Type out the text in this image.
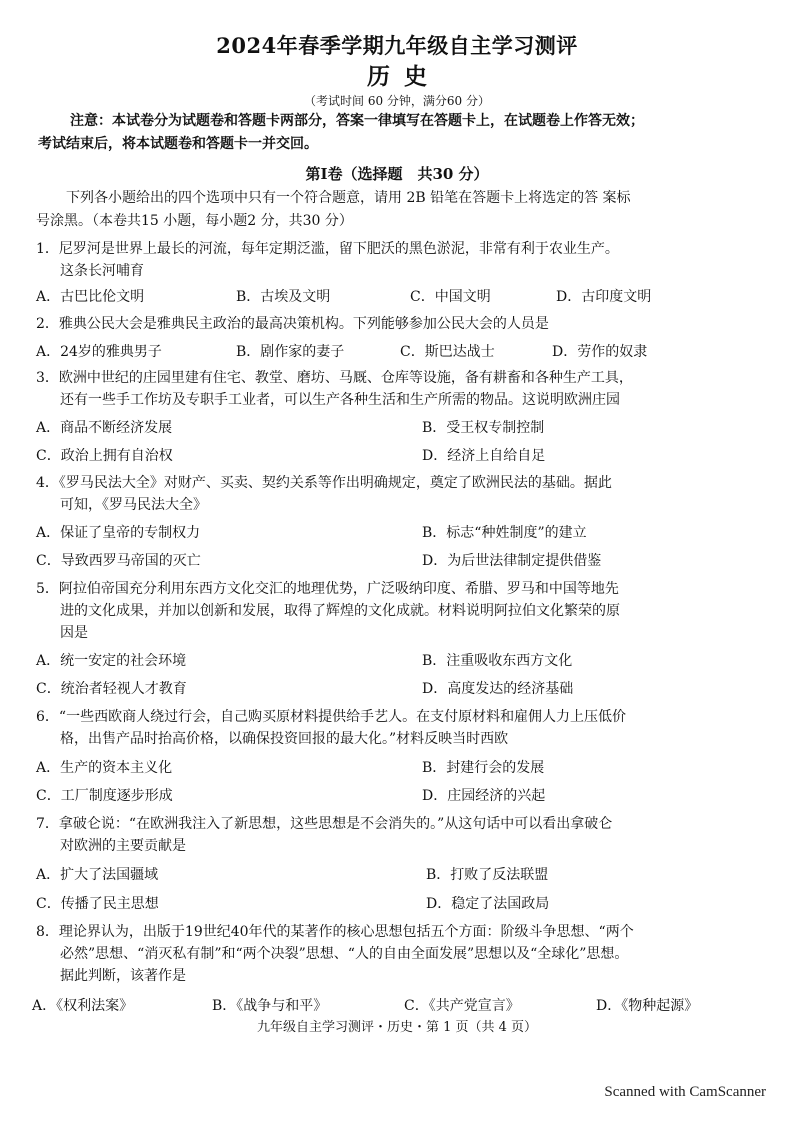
2024年春季学期九年级自主学习测评
历史
（考试时间 60 分钟，满分60 分）
注意：本试卷分为试题卷和答题卡两部分，答案一律填写在答题卡上，在试题卷上作答无效；
考试结束后，将本试题卷和答题卡一并交回。
第Ⅰ卷（选择题　共30 分）
下列各小题给出的四个选项中只有一个符合题意，请用 2B 铅笔在答题卡上将选定的答 案标
号涂黑。（本卷共15 小题，每小题2 分，共30 分）
1．尼罗河是世界上最长的河流，每年定期泛滥，留下肥沃的黑色淤泥，非常有利于农业生产。
这条长河哺育
A．古巴比伦文明	B．古埃及文明	C．中国文明	D．古印度文明
2．雅典公民大会是雅典民主政治的最高决策机构。下列能够参加公民大会的人员是
A．24岁的雅典男子	B．剧作家的妻子	C．斯巴达战士	D．劳作的奴隶
3．欧洲中世纪的庄园里建有住宅、教堂、磨坊、马厩、仓库等设施，备有耕畜和各种生产工具，
还有一些手工作坊及专职手工业者，可以生产各种生活和生产所需的物品。这说明欧洲庄园
A．商品不断经济发展	B．受王权专制控制
C．政治上拥有自治权	D．经济上自给自足
4．《罗马民法大全》对财产、买卖、契约关系等作出明确规定，奠定了欧洲民法的基础。据此
可知，《罗马民法大全》
A．保证了皇帝的专制权力	B．标志“种姓制度”的建立
C．导致西罗马帝国的灭亡	D．为后世法律制定提供借鉴
5．阿拉伯帝国充分利用东西方文化交汇的地理优势，广泛吸纳印度、希腊、罗马和中国等地先
进的文化成果，并加以创新和发展，取得了辉煌的文化成就。材料说明阿拉伯文化繁荣的原
因是
A．统一安定的社会环境	B．注重吸收东西方文化
C．统治者轻视人才教育	D．高度发达的经济基础
6．“一些西欧商人绕过行会，自己购买原材料提供给手艺人。在支付原材料和雇佣人力上压低价
格，出售产品时抬高价格，以确保投资回报的最大化。”材料反映当时西欧
A．生产的资本主义化	B．封建行会的发展
C．工厂制度逐步形成	D．庄园经济的兴起
7．拿破仑说：“在欧洲我注入了新思想，这些思想是不会消失的。”从这句话中可以看出拿破仑
对欧洲的主要贡献是
A．扩大了法国疆域	B．打败了反法联盟
C．传播了民主思想	D．稳定了法国政局
8．理论界认为，出版于19世纪40年代的某著作的核心思想包括五个方面：阶级斗争思想、“两个
必然”思想、“消灭私有制”和“两个决裂”思想、“人的自由全面发展”思想以及“全球化”思想。
据此判断，该著作是
A．《权利法案》	B．《战争与和平》	C．《共产党宣言》	D．《物种起源》
九年级自主学习测评・历史・第 1 页（共 4 页）
Scanned with CamScanner
